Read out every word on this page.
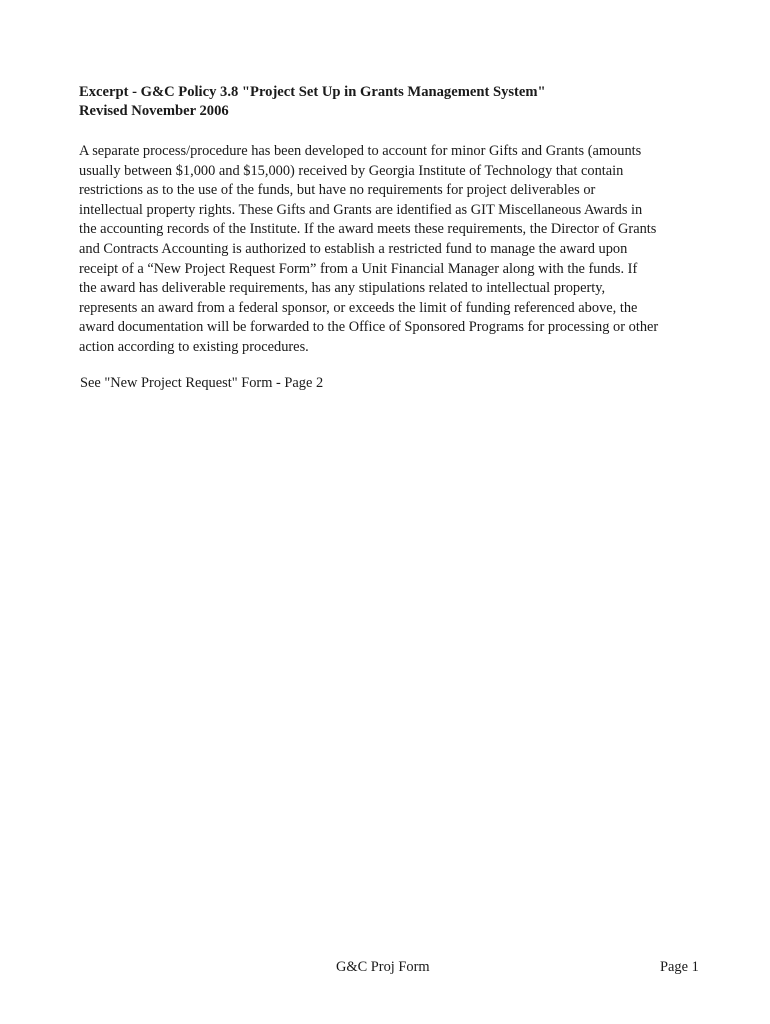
Excerpt - G&C Policy 3.8 "Project Set Up in Grants Management System"
Revised November 2006
A separate process/procedure has been developed to account for minor Gifts and Grants (amounts
usually between $1,000 and $15,000) received by Georgia Institute of Technology that contain
restrictions as to the use of the funds, but have no requirements for project deliverables or
intellectual property rights. These Gifts and Grants are identified as GIT Miscellaneous Awards in
the accounting records of the Institute. If the award meets these requirements, the Director of Grants
and Contracts Accounting is authorized to establish a restricted fund to manage the award upon
receipt of a “New Project Request Form” from a Unit Financial Manager along with the funds. If
the award has deliverable requirements, has any stipulations related to intellectual property,
represents an award from a federal sponsor, or exceeds the limit of funding referenced above, the
award documentation will be forwarded to the Office of Sponsored Programs for processing or other
action according to existing procedures.
See "New Project Request" Form - Page 2
G&C Proj Form	Page 1
